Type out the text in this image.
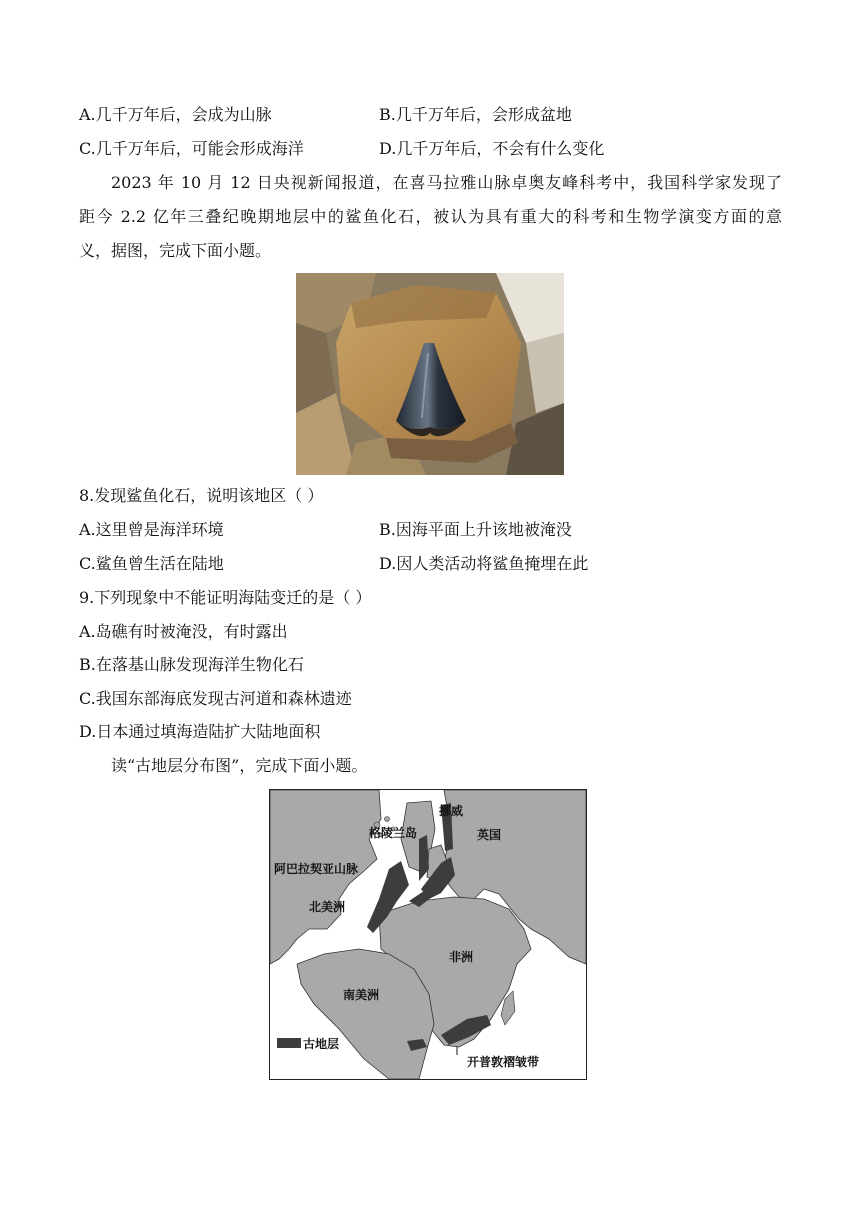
A.几千万年后，会成为山脉	B.几千万年后，会形成盆地
C.几千万年后，可能会形成海洋	D.几千万年后，不会有什么变化
2023 年 10 月 12 日央视新闻报道，在喜马拉雅山脉卓奥友峰科考中，我国科学家发现了
距今 2.2 亿年三叠纪晚期地层中的鲨鱼化石，被认为具有重大的科考和生物学演变方面的意
义，据图，完成下面小题。
8.发现鲨鱼化石，说明该地区（ ）
A.这里曾是海洋环境	B.因海平面上升该地被淹没
C.鲨鱼曾生活在陆地	D.因人类活动将鲨鱼掩埋在此
9.下列现象中不能证明海陆变迁的是（ ）
A.岛礁有时被淹没，有时露出
B.在落基山脉发现海洋生物化石
C.我国东部海底发现古河道和森林遗迹
D.日本通过填海造陆扩大陆地面积
读“古地层分布图”，完成下面小题。
格陵兰岛
挪威
英国
阿巴拉契亚山脉
北美洲
非洲
南美洲
古地层
开普敦褶皱带
